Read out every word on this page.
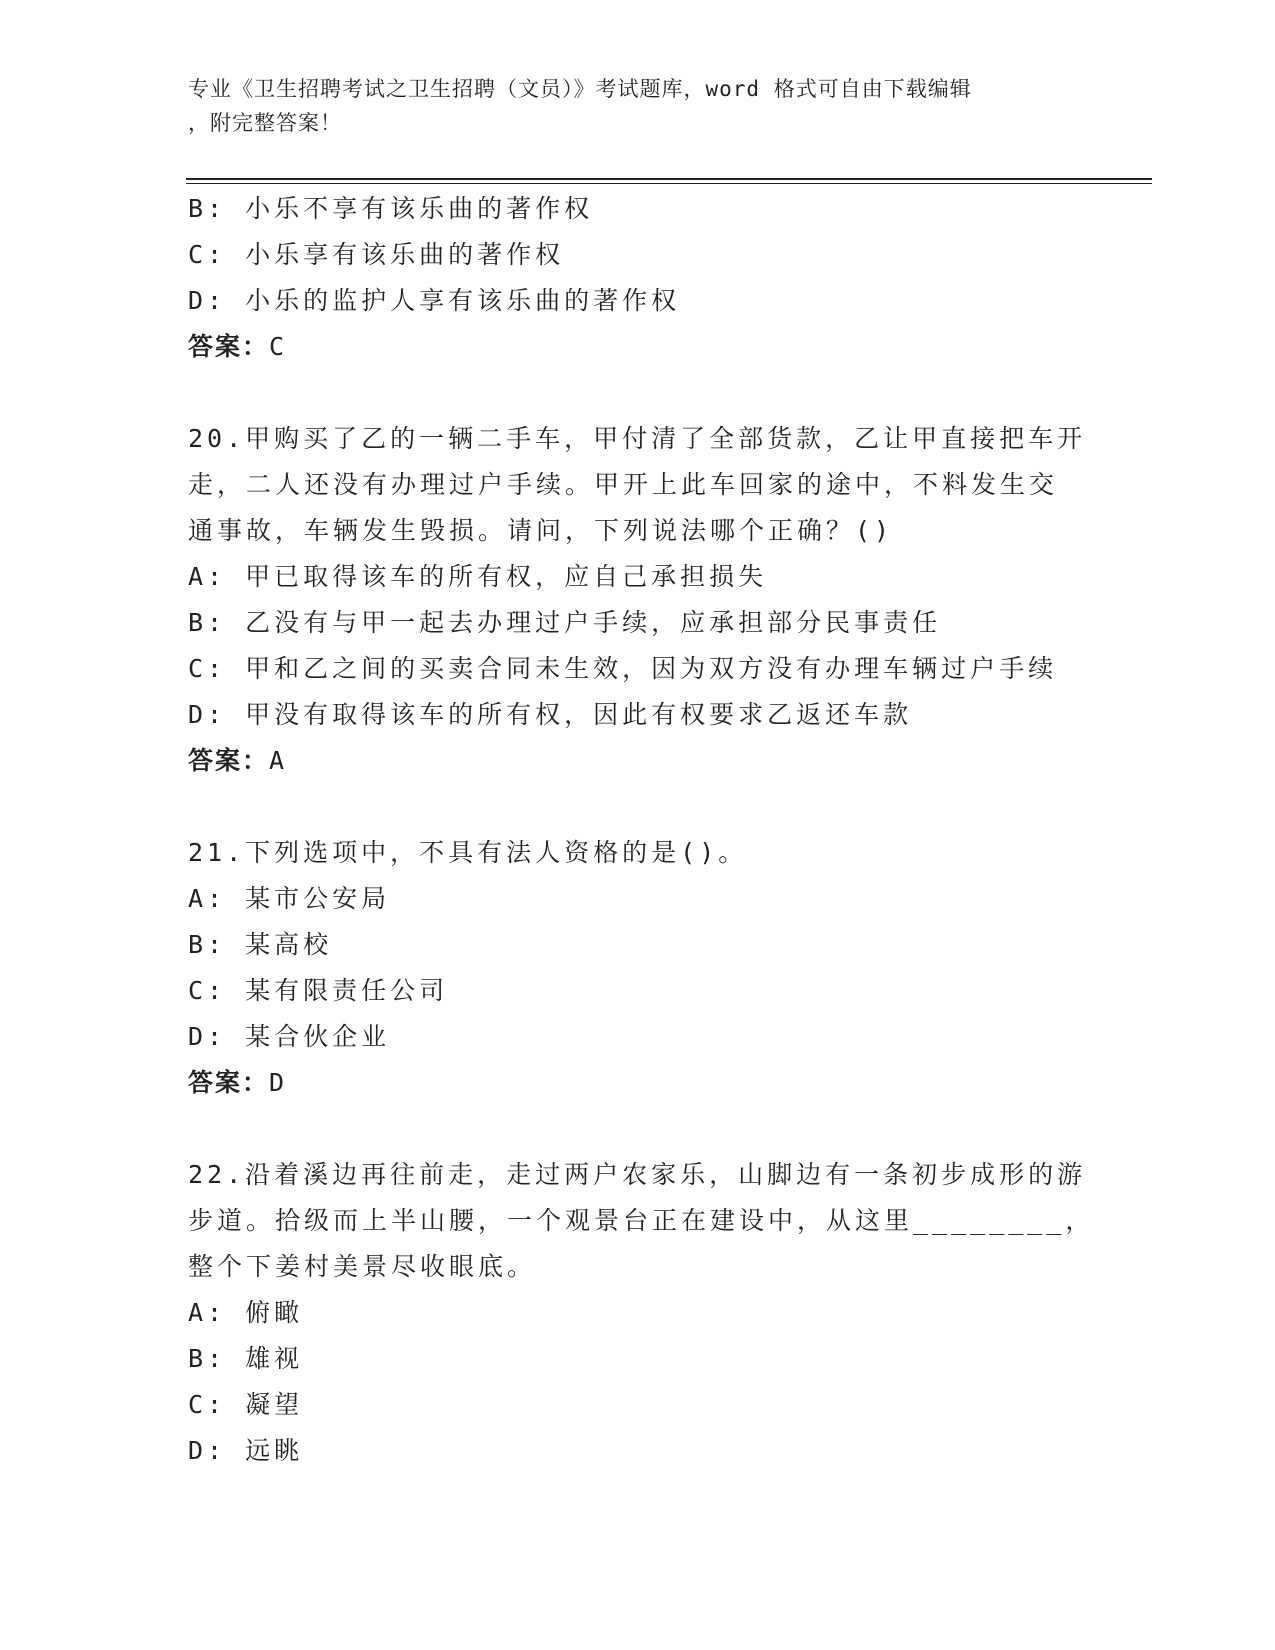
专业《卫生招聘考试之卫生招聘（文员）》考试题库，word 格式可自由下载编辑
，附完整答案！
B: 小乐不享有该乐曲的著作权
C: 小乐享有该乐曲的著作权
D: 小乐的监护人享有该乐曲的著作权
答案：C
20.甲购买了乙的一辆二手车，甲付清了全部货款，乙让甲直接把车开
走，二人还没有办理过户手续。甲开上此车回家的途中，不料发生交
通事故，车辆发生毁损。请问，下列说法哪个正确？()
A: 甲已取得该车的所有权，应自己承担损失
B: 乙没有与甲一起去办理过户手续，应承担部分民事责任
C: 甲和乙之间的买卖合同未生效，因为双方没有办理车辆过户手续
D: 甲没有取得该车的所有权，因此有权要求乙返还车款
答案：A
21.下列选项中，不具有法人资格的是()。
A: 某市公安局
B: 某高校
C: 某有限责任公司
D: 某合伙企业
答案：D
22.沿着溪边再往前走，走过两户农家乐，山脚边有一条初步成形的游
步道。拾级而上半山腰，一个观景台正在建设中，从这里________，
整个下姜村美景尽收眼底。
A: 俯瞰
B: 雄视
C: 凝望
D: 远眺
